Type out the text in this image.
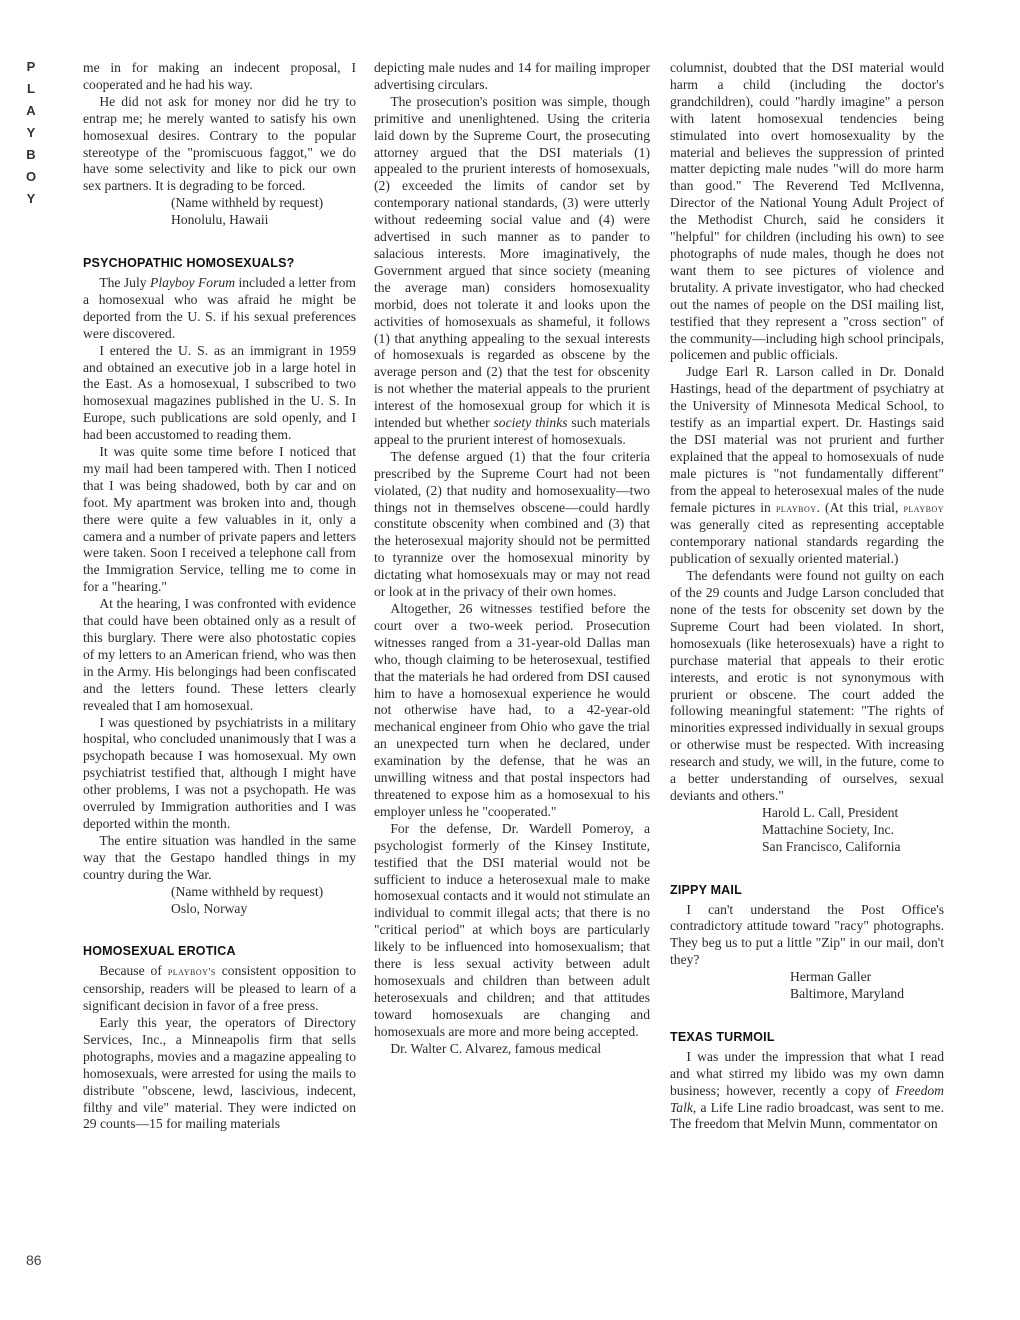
P
L
A
Y
B
O
Y
86

me in for making an indecent proposal, I cooperated and he had his way.

He did not ask for money nor did he try to entrap me; he merely wanted to satisfy his own homosexual desires. Contrary to the popular stereotype of the "promiscuous faggot," we do have some selectivity and like to pick our own sex partners. It is degrading to be forced.

(Name withheld by request)
Honolulu, Hawaii
PSYCHOPATHIC HOMOSEXUALS?

The July Playboy Forum included a letter from a homosexual who was afraid he might be deported from the U. S. if his sexual preferences were discovered.

I entered the U. S. as an immigrant in 1959 and obtained an executive job in a large hotel in the East. As a homosexual, I subscribed to two homosexual magazines published in the U. S. In Europe, such publications are sold openly, and I had been accustomed to reading them.

It was quite some time before I noticed that my mail had been tampered with. Then I noticed that I was being shadowed, both by car and on foot. My apartment was broken into and, though there were quite a few valuables in it, only a camera and a number of private papers and letters were taken. Soon I received a telephone call from the Immigration Service, telling me to come in for a "hearing."

At the hearing, I was confronted with evidence that could have been obtained only as a result of this burglary. There were also photostatic copies of my letters to an American friend, who was then in the Army. His belongings had been confiscated and the letters found. These letters clearly revealed that I am homosexual.

I was questioned by psychiatrists in a military hospital, who concluded unanimously that I was a psychopath because I was homosexual. My own psychiatrist testified that, although I might have other problems, I was not a psychopath. He was overruled by Immigration authorities and I was deported within the month.

The entire situation was handled in the same way that the Gestapo handled things in my country during the War.

(Name withheld by request)
Oslo, Norway
HOMOSEXUAL EROTICA

Because of playboy's consistent opposition to censorship, readers will be pleased to learn of a significant decision in favor of a free press.

Early this year, the operators of Directory Services, Inc., a Minneapolis firm that sells photographs, movies and a magazine appealing to homosexuals, were arrested for using the mails to distribute "obscene, lewd, lascivious, indecent, filthy and vile" material. They were indicted on 29 counts—15 for mailing materials

depicting male nudes and 14 for mailing improper advertising circulars.

The prosecution's position was simple, though primitive and unenlightened. Using the criteria laid down by the Supreme Court, the prosecuting attorney argued that the DSI materials (1) appealed to the prurient interests of homosexuals, (2) exceeded the limits of candor set by contemporary national standards, (3) were utterly without redeeming social value and (4) were advertised in such manner as to pander to salacious interests. More imaginatively, the Government argued that since society (meaning the average man) considers homosexuality morbid, does not tolerate it and looks upon the activities of homosexuals as shameful, it follows (1) that anything appealing to the sexual interests of homosexuals is regarded as obscene by the average person and (2) that the test for obscenity is not whether the material appeals to the prurient interest of the homosexual group for which it is intended but whether society thinks such materials appeal to the prurient interest of homosexuals.

The defense argued (1) that the four criteria prescribed by the Supreme Court had not been violated, (2) that nudity and homosexuality—two things not in themselves obscene—could hardly constitute obscenity when combined and (3) that the heterosexual majority should not be permitted to tyrannize over the homosexual minority by dictating what homosexuals may or may not read or look at in the privacy of their own homes.

Altogether, 26 witnesses testified before the court over a two-week period. Prosecution witnesses ranged from a 31-year-old Dallas man who, though claiming to be heterosexual, testified that the materials he had ordered from DSI caused him to have a homosexual experience he would not otherwise have had, to a 42-year-old mechanical engineer from Ohio who gave the trial an unexpected turn when he declared, under examination by the defense, that he was an unwilling witness and that postal inspectors had threatened to expose him as a homosexual to his employer unless he "cooperated."

For the defense, Dr. Wardell Pomeroy, a psychologist formerly of the Kinsey Institute, testified that the DSI material would not be sufficient to induce a heterosexual male to make homosexual contacts and it would not stimulate an individual to commit illegal acts; that there is no "critical period" at which boys are particularly likely to be influenced into homosexualism; that there is less sexual activity between adult homosexuals and children than between adult heterosexuals and children; and that attitudes toward homosexuals are changing and homosexuals are more and more being accepted.

Dr. Walter C. Alvarez, famous medical

columnist, doubted that the DSI material would harm a child (including the doctor's grandchildren), could "hardly imagine" a person with latent homosexual tendencies being stimulated into overt homosexuality by the material and believes the suppression of printed matter depicting male nudes "will do more harm than good." The Reverend Ted McIlvenna, Director of the National Young Adult Project of the Methodist Church, said he considers it "helpful" for children (including his own) to see photographs of nude males, though he does not want them to see pictures of violence and brutality. A private investigator, who had checked out the names of people on the DSI mailing list, testified that they represent a "cross section" of the community—including high school principals, policemen and public officials.

Judge Earl R. Larson called in Dr. Donald Hastings, head of the department of psychiatry at the University of Minnesota Medical School, to testify as an impartial expert. Dr. Hastings said the DSI material was not prurient and further explained that the appeal to homosexuals of nude male pictures is "not fundamentally different" from the appeal to heterosexual males of the nude female pictures in playboy. (At this trial, playboy was generally cited as representing acceptable contemporary national standards regarding the publication of sexually oriented material.)

The defendants were found not guilty on each of the 29 counts and Judge Larson concluded that none of the tests for obscenity set down by the Supreme Court had been violated. In short, homosexuals (like heterosexuals) have a right to purchase material that appeals to their erotic interests, and erotic is not synonymous with prurient or obscene. The court added the following meaningful statement: "The rights of minorities expressed individually in sexual groups or otherwise must be respected. With increasing research and study, we will, in the future, come to a better understanding of ourselves, sexual deviants and others."

Harold L. Call, President
Mattachine Society, Inc.
San Francisco, California
ZIPPY MAIL

I can't understand the Post Office's contradictory attitude toward "racy" photographs. They beg us to put a little "Zip" in our mail, don't they?

Herman Galler
Baltimore, Maryland
TEXAS TURMOIL

I was under the impression that what I read and what stirred my libido was my own damn business; however, recently a copy of Freedom Talk, a Life Line radio broadcast, was sent to me. The freedom that Melvin Munn, commentator on
